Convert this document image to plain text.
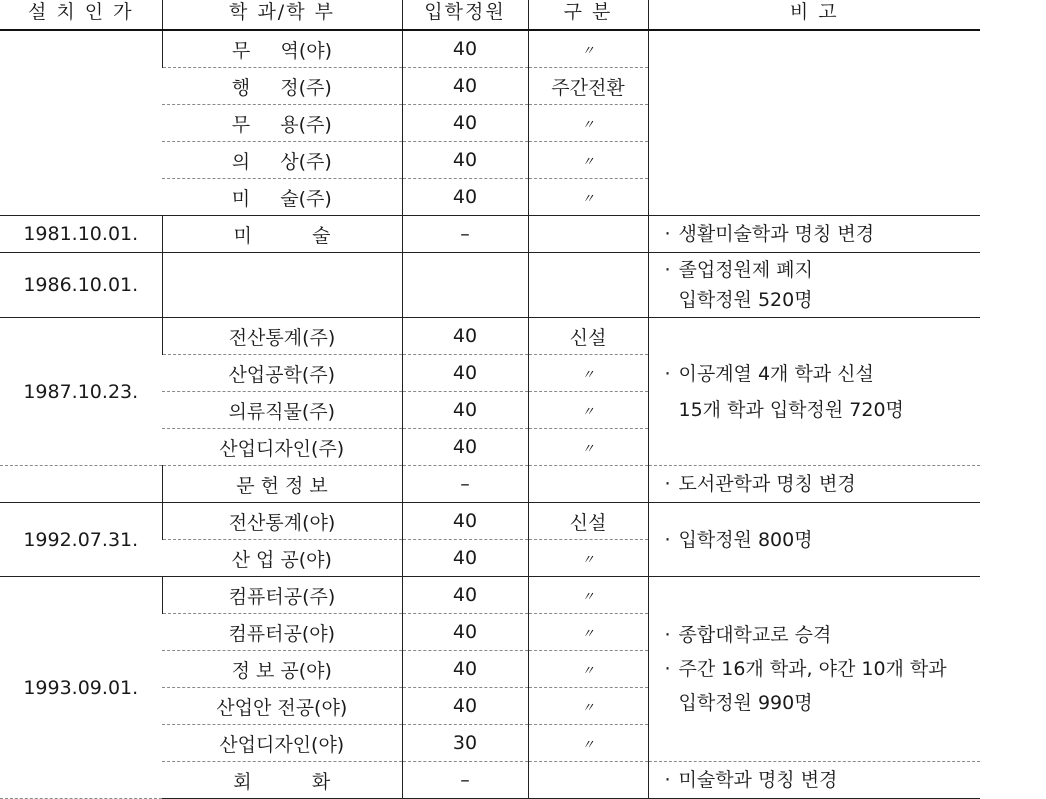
설 치 인 가	학 과/학 부	입학정원	구 분	비 고
	무     역(야)	40	〃	
	행     정(주)	40	주간전환	
	무     용(주)	40	〃	
	의     상(주)	40	〃	
	미     술(주)	40	〃	
1981.10.01.	미          술	–		· 생활미술학과 명칭 변경
1986.10.01.				· 졸업정원제 폐지
입학정원 520명

1987.10.23.	전산통계(주)	40	신설	· 이공계열 4개 학과 신설
15개 학과 입학정원 720명

	산업공학(주)	40	〃	
	의류직물(주)	40	〃	
	산업디자인(주)	40	〃	
	문 헌 정 보	–		· 도서관학과 명칭 변경
1992.07.31.	전산통계(야)	40	신설	· 입학정원 800명
	산 업 공(야)	40	〃	
1993.09.01.	컴퓨터공(주)	40	〃	· 종합대학교로 승격
· 주간 16개 학과, 야간 10개 학과
입학정원 990명

	컴퓨터공(야)	40	〃	
	정 보 공(야)	40	〃	
	산업안 전공(야)	40	〃	
	산업디자인(야)	30	〃	
	회          화	–		· 미술학과 명칭 변경
